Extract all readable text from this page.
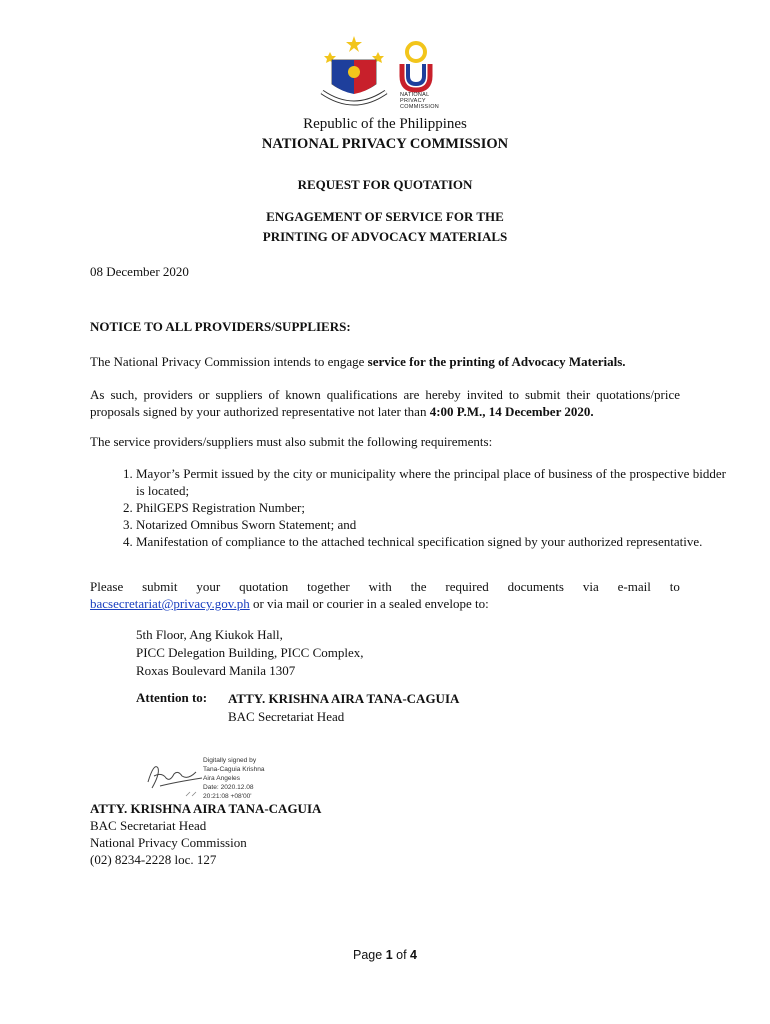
NATIONAL
PRIVACY
COMMISSION
Republic of the Philippines
NATIONAL PRIVACY COMMISSION
REQUEST FOR QUOTATION
ENGAGEMENT OF SERVICE FOR THE
PRINTING OF ADVOCACY MATERIALS

08 December 2020

NOTICE TO ALL PROVIDERS/SUPPLIERS:

The National Privacy Commission intends to engage service for the printing of Advocacy Materials.

As such, providers or suppliers of known qualifications are hereby invited to submit their quotations/price proposals signed by your authorized representative not later than 4:00 P.M., 14 December 2020.

The service providers/suppliers must also submit the following requirements:

1. Mayor’s Permit issued by the city or municipality where the principal place of business of the prospective bidder is located;
2. PhilGEPS Registration Number;
3. Notarized Omnibus Sworn Statement; and
4. Manifestation of compliance to the attached technical specification signed by your authorized representative.
Please submit your quotation together with the required documents via e-mail to

bacsecretariat@privacy.gov.ph or via mail or courier in a sealed envelope to:

5th Floor, Ang Kiukok Hall,
PICC Delegation Building, PICC Complex,
Roxas Boulevard Manila 1307
Attention to: ATTY. KRISHNA AIRA TANA-CAGUIA
BAC Secretariat Head
Digitally signed by
Tana-Caguia Krishna
Aira Angeles
Date: 2020.12.08
20:21:08 +08'00'
ATTY. KRISHNA AIRA TANA-CAGUIA
BAC Secretariat Head
National Privacy Commission
(02) 8234-2228 loc. 127
Page 1 of 4
